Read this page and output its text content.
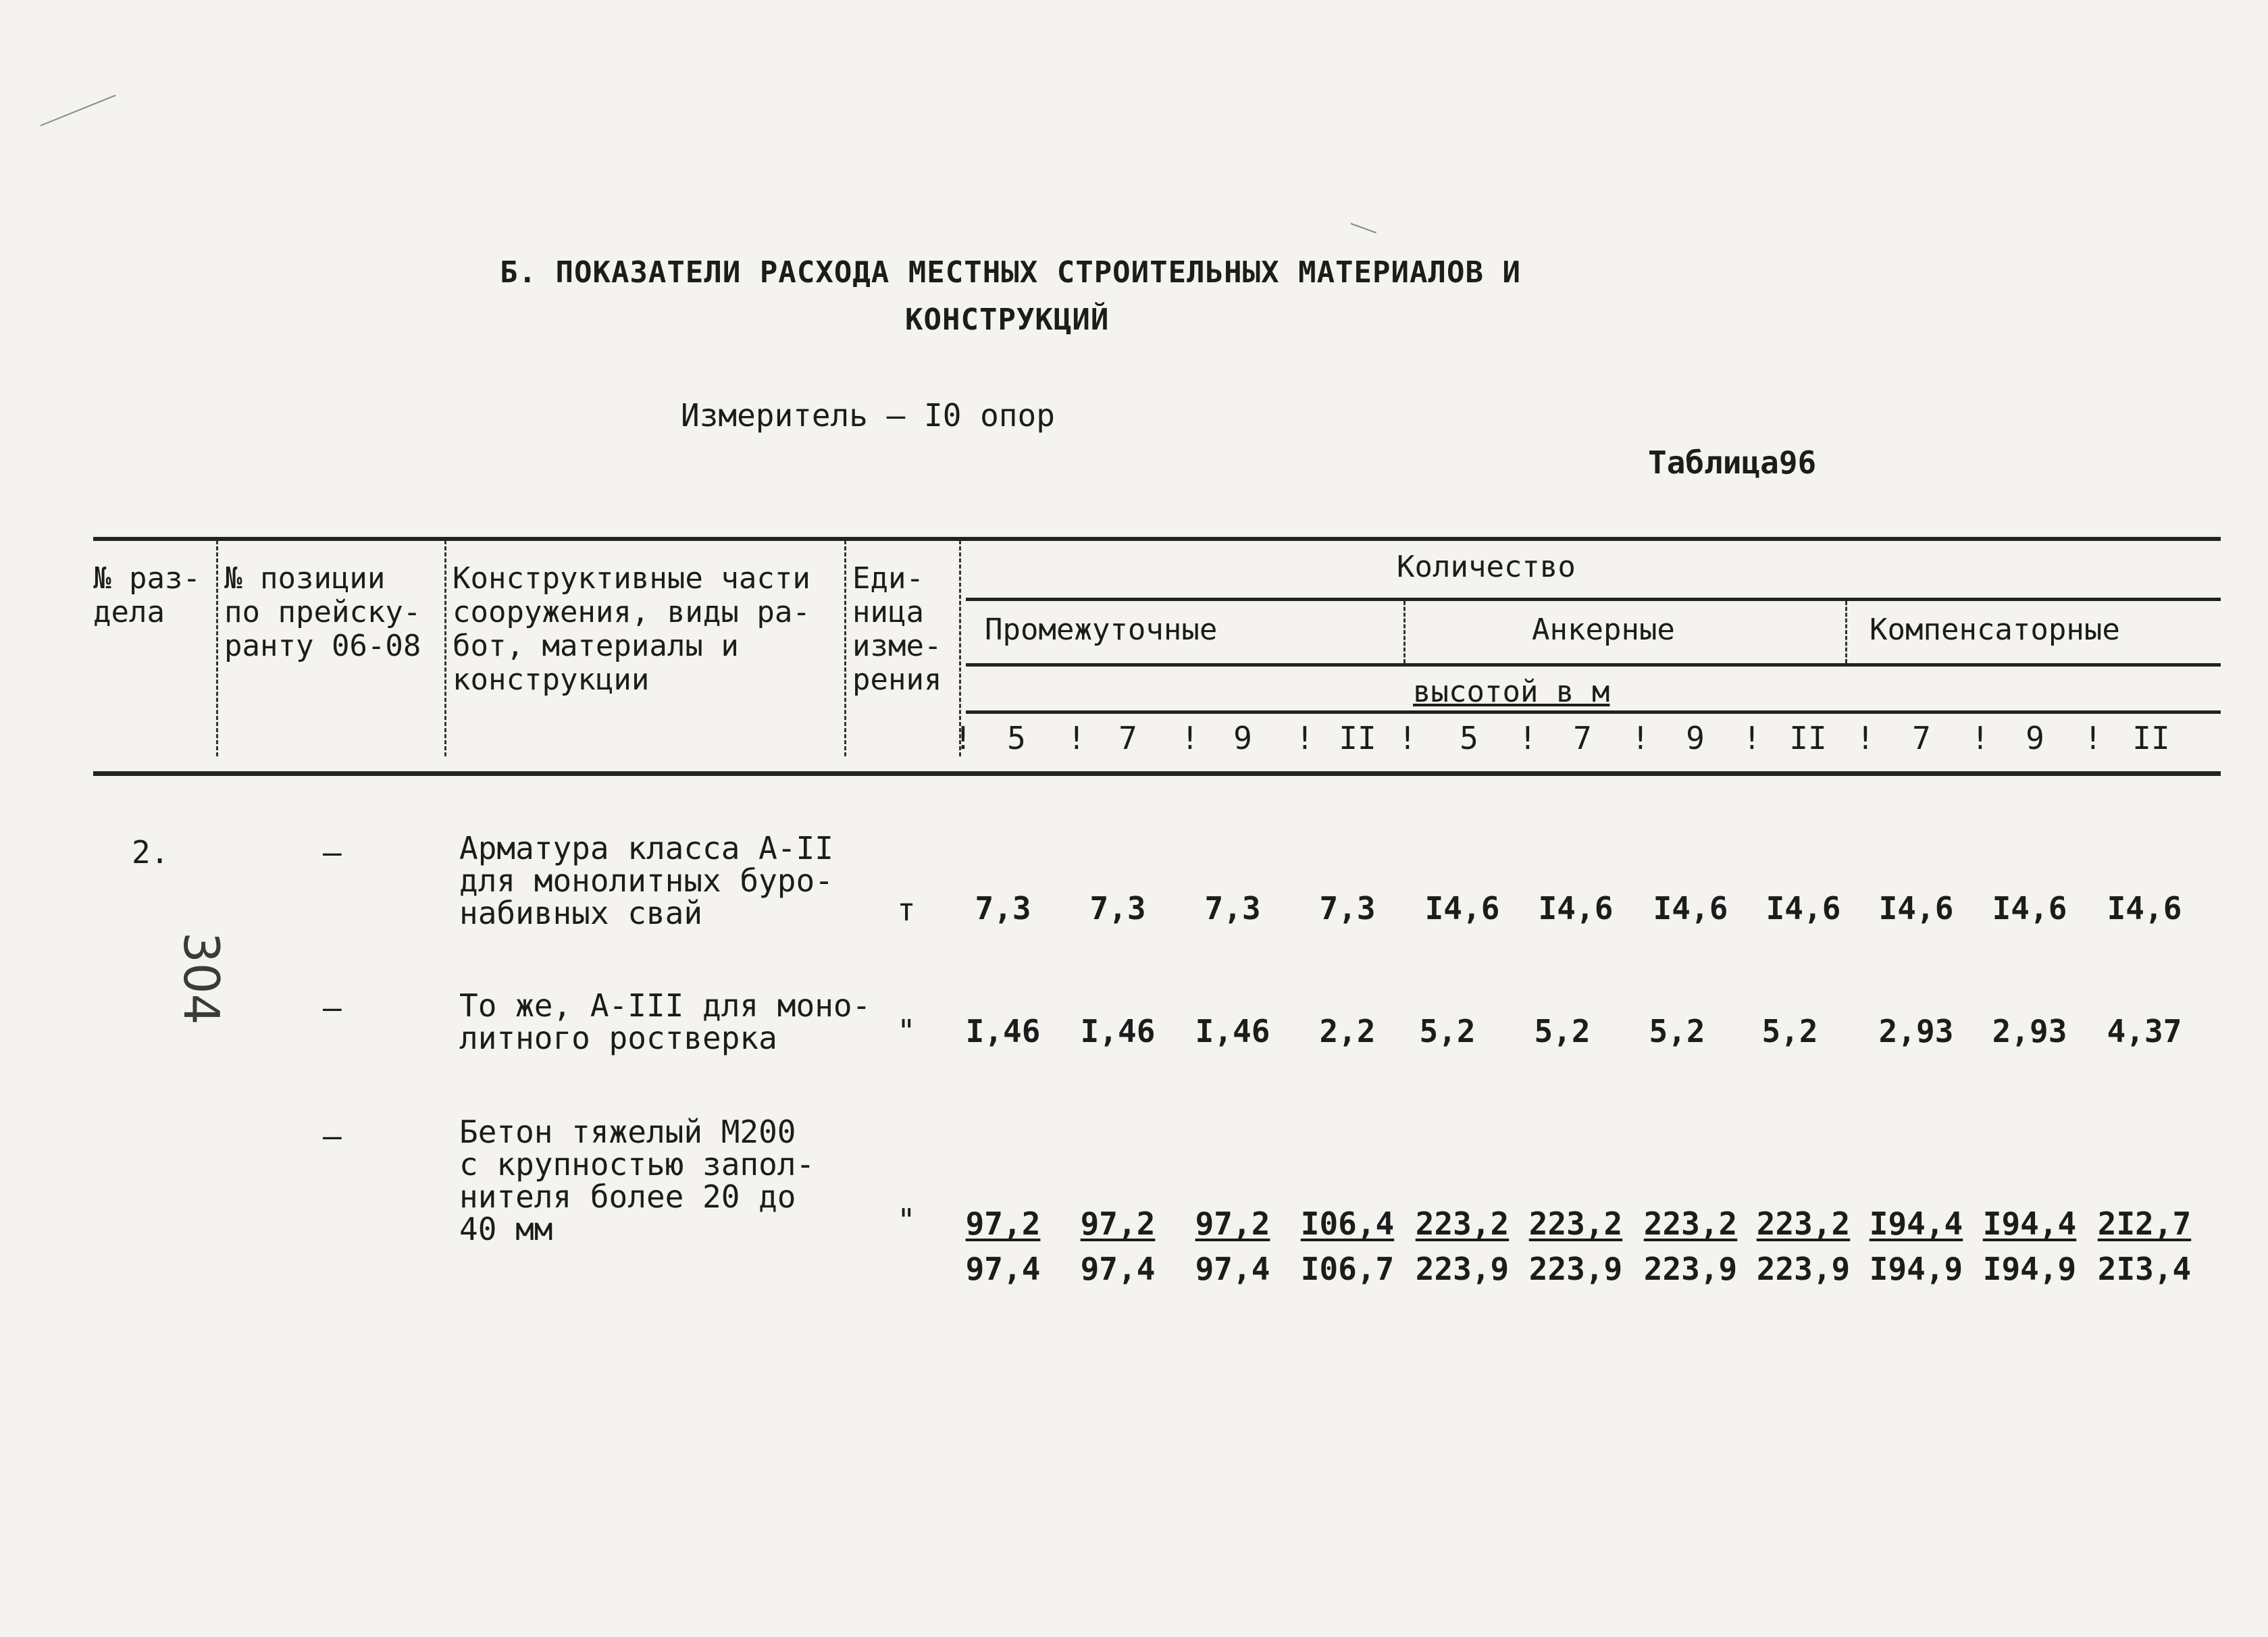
Б. ПОКАЗАТЕЛИ РАСХОДА МЕСТНЫХ СТРОИТЕЛЬНЫХ МАТЕРИАЛОВ И
КОНСТРУКЦИЙ
Измеритель – I0 опор
Таблица96
№ раз-
дела
№ позиции
по прейску-
ранту 06-08
Конструктивные части
сооружения, виды ра-
бот, материалы и
конструкции
Еди-
ница
изме-
рения
Количество
Промежуточные	Анкерные	Компенсаторные
высотой в м
5	7	9	II	5	7	9	II	7	9	II
!	!	!	!	!	!	!	!	!	!	!
304
2.	–	Арматура класса А-II
для монолитных буро-
набивных свай	т	7,3	7,3	7,3	7,3	I4,6	I4,6	I4,6	I4,6	I4,6	I4,6	I4,6
–	То же, А-III для моно-
литного ростверка	"	I,46	I,46	I,46	2,2	5,2	5,2	5,2	5,2	2,93	2,93	4,37
–	Бетон тяжелый М200
с крупностью запол-
нителя более 20 до
40 мм	"	97,2	97,2	97,2 I06,4 223,2 223,2 223,2 223,2 I94,4 I94,4 2I2,7
97,4	97,4	97,4 I06,7 223,9 223,9 223,9 223,9 I94,9 I94,9 2I3,4
